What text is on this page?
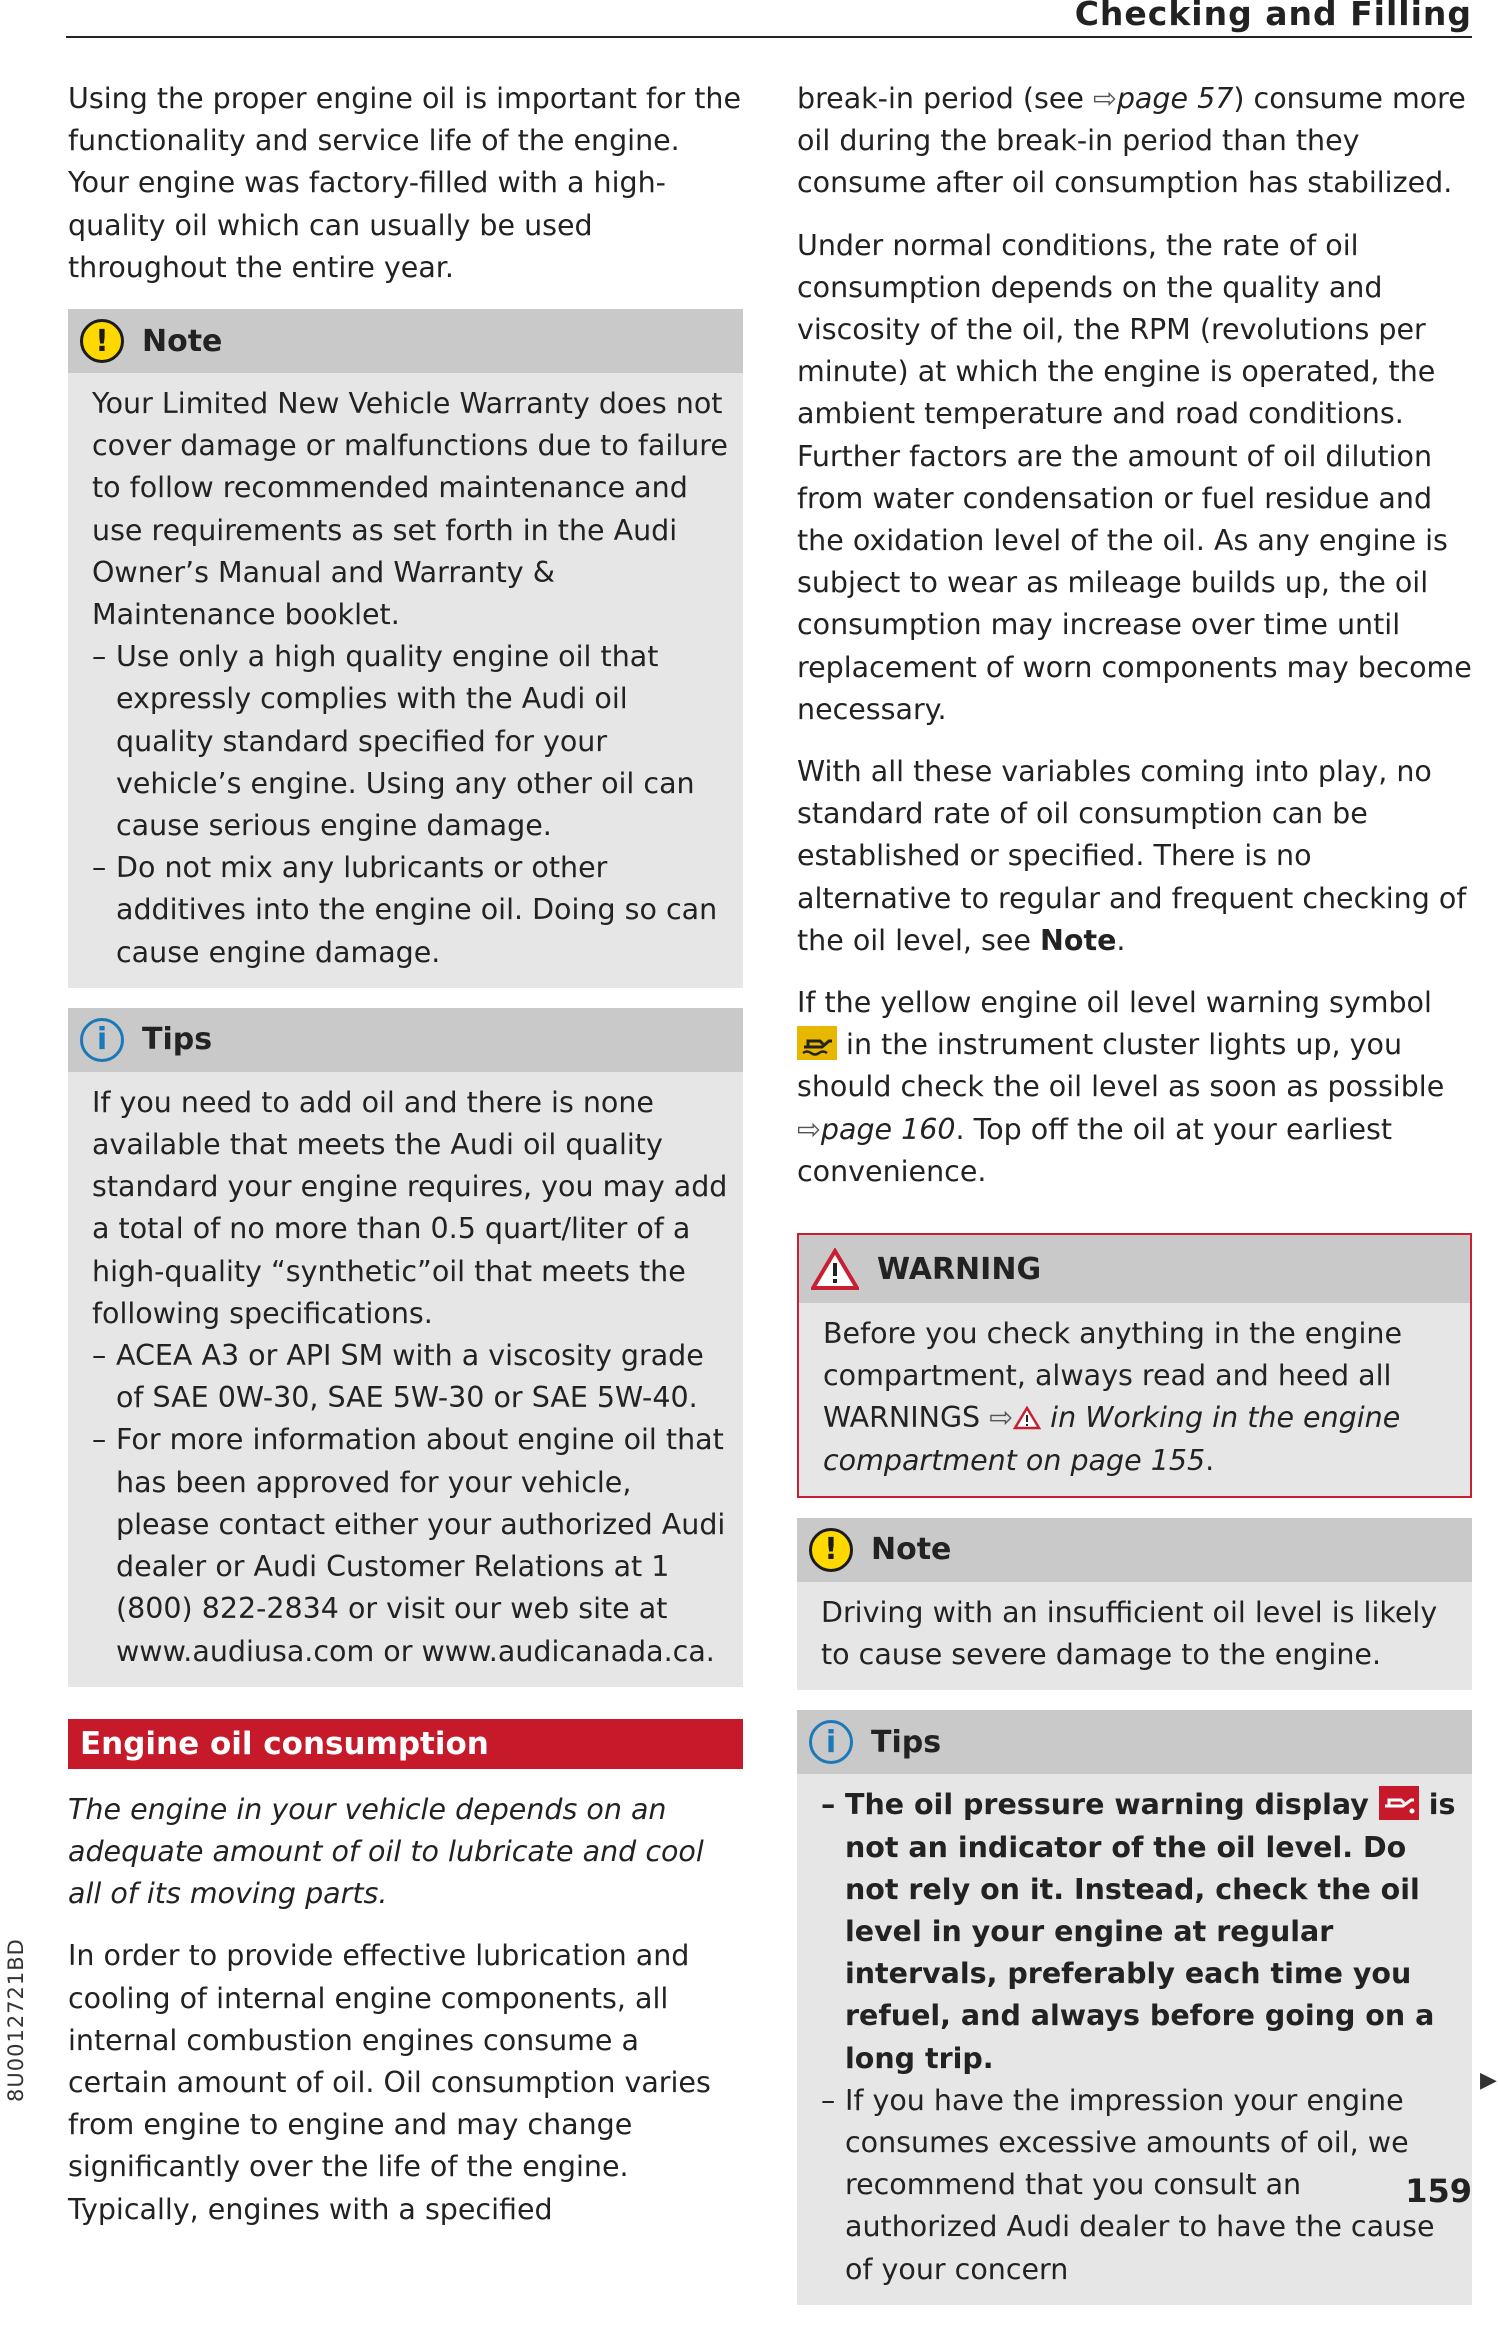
Checking and Filling

Using the proper engine oil is important for the functionality and service life of the engine. Your engine was factory-filled with a high-quality oil which can usually be used throughout the entire year.

!	Note

Your Limited New Vehicle Warranty does not cover damage or malfunctions due to failure to follow recommended maintenance and use requirements as set forth in the Audi Owner’s Manual and Warranty & Maintenance booklet.

– Use only a high quality engine oil that expressly complies with the Audi oil quality standard specified for your vehicle’s engine. Using any other oil can cause serious engine damage.

– Do not mix any lubricants or other additives into the engine oil. Doing so can cause engine damage.

i	Tips

If you need to add oil and there is none available that meets the Audi oil quality standard your engine requires, you may add a total of no more than 0.5 quart/liter of a high-quality “synthetic”oil that meets the following specifications.

– ACEA A3 or API SM with a viscosity grade of SAE 0W-30, SAE 5W-30 or SAE 5W-40.

– For more information about engine oil that has been approved for your vehicle, please contact either your authorized Audi dealer or Audi Customer Relations at 1 (800) 822-2834 or visit our web site at www.audiusa.com or www.audicanada.ca.

Engine oil consumption

The engine in your vehicle depends on an adequate amount of oil to lubricate and cool all of its moving parts.

In order to provide effective lubrication and cooling of internal engine components, all internal combustion engines consume a certain amount of oil. Oil consumption varies from engine to engine and may change significantly over the life of the engine. Typically, engines with a specified

break-in period (see ⇨page 57) consume more oil during the break-in period than they consume after oil consumption has stabilized.

Under normal conditions, the rate of oil consumption depends on the quality and viscosity of the oil, the RPM (revolutions per minute) at which the engine is operated, the ambient temperature and road conditions. Further factors are the amount of oil dilution from water condensation or fuel residue and the oxidation level of the oil. As any engine is subject to wear as mileage builds up, the oil consumption may increase over time until replacement of worn components may become necessary.

With all these variables coming into play, no standard rate of oil consumption can be established or specified. There is no alternative to regular and frequent checking of the oil level, see Note.

If the yellow engine oil level warning symbol  in the instrument cluster lights up, you should check the oil level as soon as possible ⇨page 160. Top off the oil at your earliest convenience.

WARNING

Before you check anything in the engine compartment, always read and heed all WARNINGS ⇨ in Working in the engine compartment on page 155.

!	Note

Driving with an insufficient oil level is likely to cause severe damage to the engine.

i	Tips

– The oil pressure warning display  is not an indicator of the oil level. Do not rely on it. Instead, check the oil level in your engine at regular intervals, preferably each time you refuel, and always before going on a long trip.

– If you have the impression your engine consumes excessive amounts of oil, we recommend that you consult an authorized Audi dealer to have the cause of your concern

▶
8U0012721BD
159
